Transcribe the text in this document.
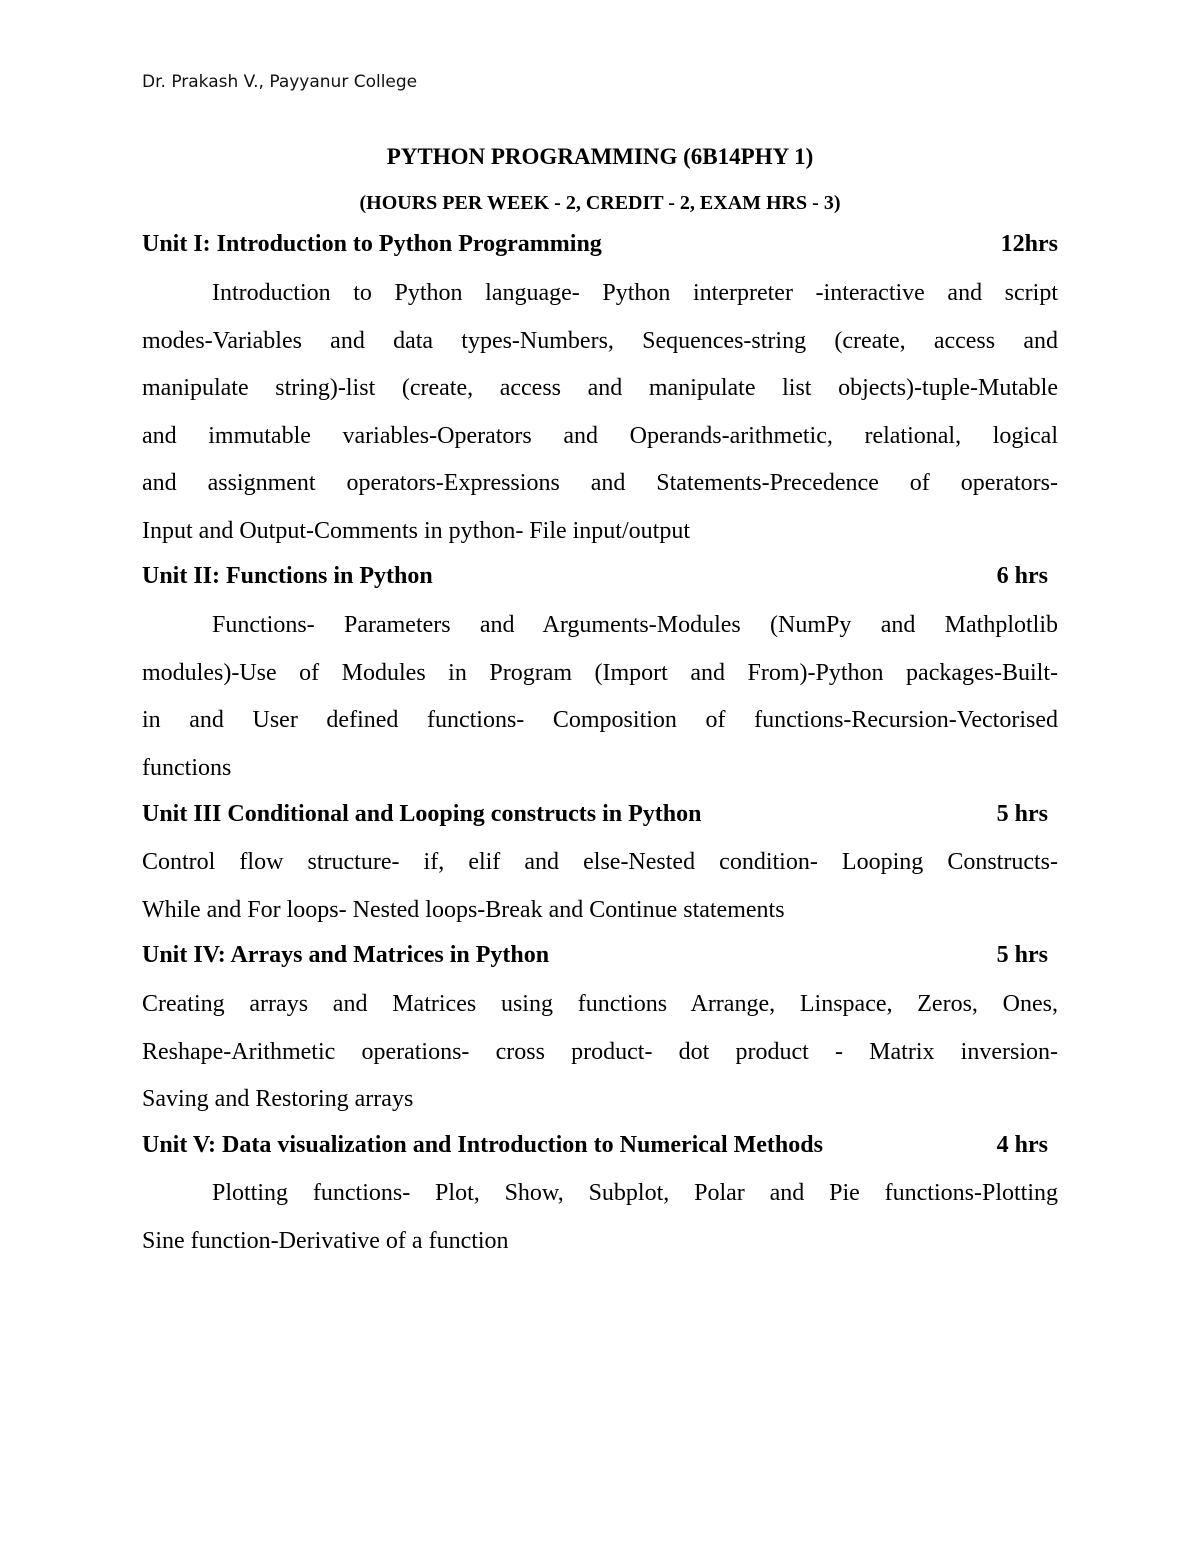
Dr. Prakash V., Payyanur College
PYTHON PROGRAMMING (6B14PHY 1)
(HOURS PER WEEK - 2, CREDIT - 2, EXAM HRS - 3)
Unit I: Introduction to Python Programming	12hrs
Introduction to Python language- Python interpreter -interactive and script
modes-Variables and data types-Numbers, Sequences-string (create, access and
manipulate string)-list (create, access and manipulate list objects)-tuple-Mutable
and immutable variables-Operators and Operands-arithmetic, relational, logical
and assignment operators-Expressions and Statements-Precedence of operators-
Input and Output-Comments in python- File input/output
Unit II: Functions in Python	6 hrs
Functions- Parameters and Arguments-Modules (NumPy and Mathplotlib
modules)-Use of Modules in Program (Import and From)-Python packages-Built-
in and User defined functions- Composition of functions-Recursion-Vectorised
functions
Unit III Conditional and Looping constructs in Python	5 hrs
Control flow structure- if, elif and else-Nested condition- Looping Constructs-
While and For loops- Nested loops-Break and Continue statements
Unit IV: Arrays and Matrices in Python	5 hrs
Creating arrays and Matrices using functions Arrange, Linspace, Zeros, Ones,
Reshape-Arithmetic operations- cross product- dot product - Matrix inversion-
Saving and Restoring arrays
Unit V: Data visualization and Introduction to Numerical Methods	4 hrs
Plotting functions- Plot, Show, Subplot, Polar and Pie functions-Plotting
Sine function-Derivative of a function
